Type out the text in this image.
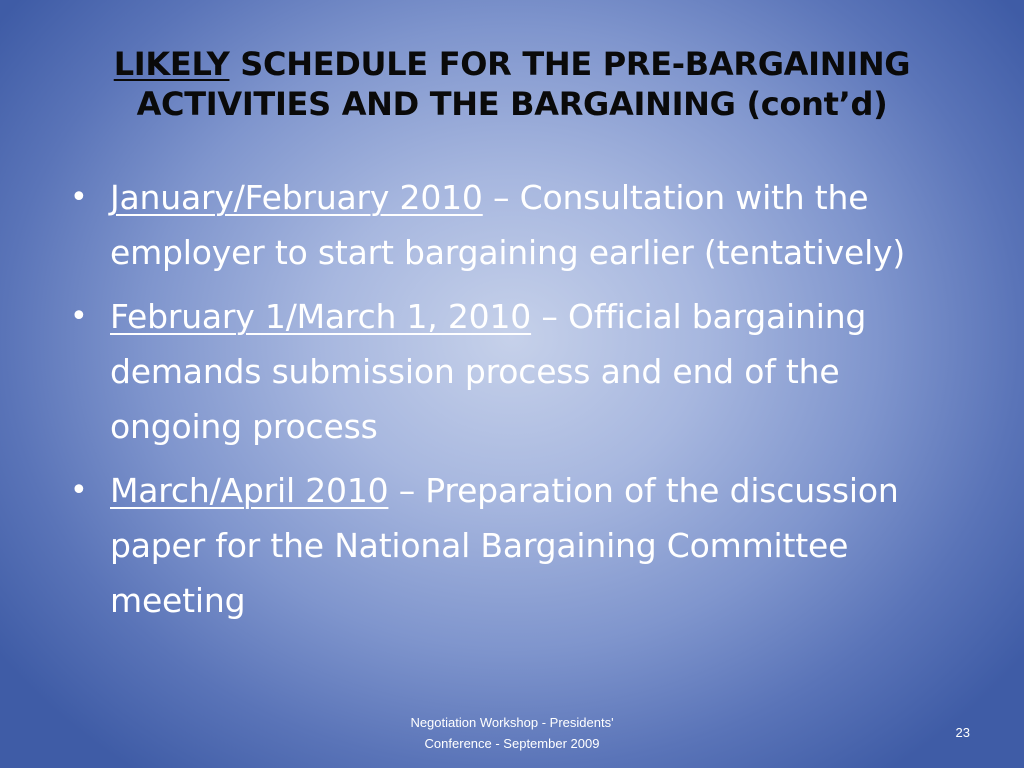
LIKELY SCHEDULE FOR THE PRE-BARGAINING
ACTIVITIES AND THE BARGAINING (cont’d)
• January/February 2010 – Consultation with the employer to start bargaining earlier (tentatively)
• February 1/March 1, 2010 – Official bargaining demands submission process and end of the ongoing process
• March/April 2010 – Preparation of the discussion paper for the National Bargaining Committee meeting
Negotiation Workshop - Presidents'
Conference - September 2009
23
